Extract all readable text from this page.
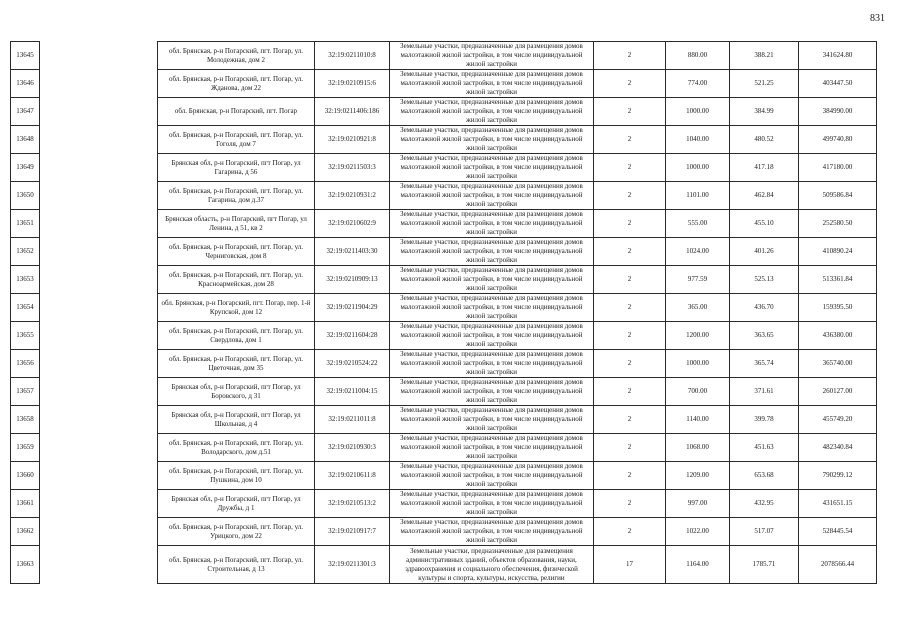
831
13645		обл. Брянская, р-н Погарский, пгт. Погар, ул. Молодежная, дом 2	32:19:0211010:8	Земельные участки, предназначенные для размещения домов малоэтажной жилой застройки, в том числе индивидуальной жилой застройки	2	880.00	388.21	341624.80
13646		обл. Брянская, р-н Погарский, пгт. Погар, ул. Жданова, дом 22	32:19:0210915:6	Земельные участки, предназначенные для размещения домов малоэтажной жилой застройки, в том числе индивидуальной жилой застройки	2	774.00	521.25	403447.50
13647		обл. Брянская, р-н Погарский, пгт. Погар	32:19:0211406:186	Земельные участки, предназначенные для размещения домов малоэтажной жилой застройки, в том числе индивидуальной жилой застройки	2	1000.00	384.99	384990.00
13648		обл. Брянская, р-н Погарский, пгт. Погар, ул. Гоголя, дом 7	32:19:0210921:8	Земельные участки, предназначенные для размещения домов малоэтажной жилой застройки, в том числе индивидуальной жилой застройки	2	1040.00	480.52	499740.80
13649		Брянская обл, р-н Погарский, пгт Погар, ул Гагарина, д 56	32:19:0211503:3	Земельные участки, предназначенные для размещения домов малоэтажной жилой застройки, в том числе индивидуальной жилой застройки	2	1000.00	417.18	417180.00
13650		обл. Брянская, р-н Погарский, пгт. Погар, ул. Гагарина, дом д.37	32:19:0210931:2	Земельные участки, предназначенные для размещения домов малоэтажной жилой застройки, в том числе индивидуальной жилой застройки	2	1101.00	462.84	509586.84
13651		Брянская область, р-н Погарский, пгт Погар, ул Ленина, д 51, кв 2	32:19:0210602:9	Земельные участки, предназначенные для размещения домов малоэтажной жилой застройки, в том числе индивидуальной жилой застройки	2	555.00	455.10	252580.50
13652		обл. Брянская, р-н Погарский, пгт. Погар, ул. Черниговская, дом 8	32:19:0211403:30	Земельные участки, предназначенные для размещения домов малоэтажной жилой застройки, в том числе индивидуальной жилой застройки	2	1024.00	401.26	410890.24
13653		обл. Брянская, р-н Погарский, пгт. Погар, ул. Красноармейская, дом 28	32:19:0210909:13	Земельные участки, предназначенные для размещения домов малоэтажной жилой застройки, в том числе индивидуальной жилой застройки	2	977.59	525.13	513361.84
13654		обл. Брянская, р-н Погарский, пгт. Погар, пер. 1-й Крупской, дом 12	32:19:0211904:29	Земельные участки, предназначенные для размещения домов малоэтажной жилой застройки, в том числе индивидуальной жилой застройки	2	365.00	436.70	159395.50
13655		обл. Брянская, р-н Погарский, пгт. Погар, ул. Свердлова, дом 1	32:19:0211604:28	Земельные участки, предназначенные для размещения домов малоэтажной жилой застройки, в том числе индивидуальной жилой застройки	2	1200.00	363.65	436380.00
13656		обл. Брянская, р-н Погарский, пгт. Погар, ул. Цветочная, дом 35	32:19:0210524:22	Земельные участки, предназначенные для размещения домов малоэтажной жилой застройки, в том числе индивидуальной жилой застройки	2	1000.00	365.74	365740.00
13657		Брянская обл, р-н Погарский, пгт Погар, ул Боровского, д 31	32:19:0211004:15	Земельные участки, предназначенные для размещения домов малоэтажной жилой застройки, в том числе индивидуальной жилой застройки	2	700.00	371.61	260127.00
13658		Брянская обл, р-н Погарский, пгт Погар, ул Школьная, д 4	32:19:0211011:8	Земельные участки, предназначенные для размещения домов малоэтажной жилой застройки, в том числе индивидуальной жилой застройки	2	1140.00	399.78	455749.20
13659		обл. Брянская, р-н Погарский, пгт. Погар, ул. Володарского, дом д.51	32:19:0210930:3	Земельные участки, предназначенные для размещения домов малоэтажной жилой застройки, в том числе индивидуальной жилой застройки	2	1068.00	451.63	482340.84
13660		обл. Брянская, р-н Погарский, пгт. Погар, ул. Пушкина, дом 10	32:19:0210611:8	Земельные участки, предназначенные для размещения домов малоэтажной жилой застройки, в том числе индивидуальной жилой застройки	2	1209.00	653.68	790299.12
13661		Брянская обл, р-н Погарский, пгт Погар, ул Дружбы, д 1	32:19:0210513:2	Земельные участки, предназначенные для размещения домов малоэтажной жилой застройки, в том числе индивидуальной жилой застройки	2	997.00	432.95	431651.15
13662		обл. Брянская, р-н Погарский, пгт. Погар, ул. Урицкого, дом 22	32:19:0210917:7	Земельные участки, предназначенные для размещения домов малоэтажной жилой застройки, в том числе индивидуальной жилой застройки	2	1022.00	517.07	528445.54
13663		обл. Брянская, р-н Погарский, пгт. Погар, ул. Строительная, д 13	32:19:0211301:3	Земельные участки, предназначенные для размещения административных зданий, объектов образования, науки, здравоохранения и социального обеспечения, физической культуры и спорта, культуры, искусства, религии	17	1164.00	1785.71	2078566.44
